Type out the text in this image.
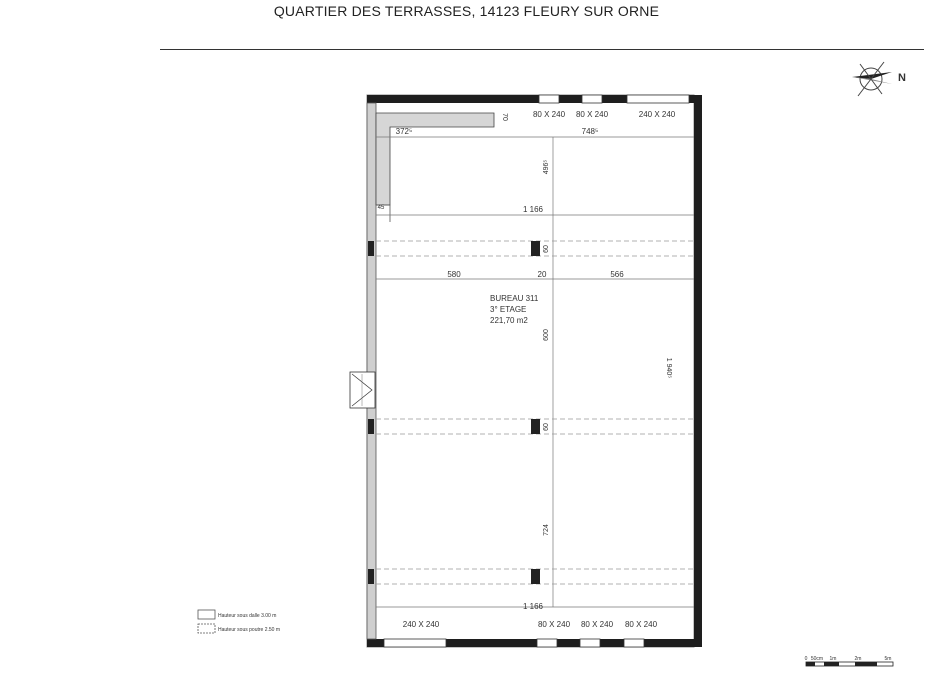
QUARTIER DES TERRASSES, 14123 FLEURY SUR ORNE
N
372⁵	748⁵
70
496⁵
1 166
45
60
580	20	566
600
60
724
1 940⁵
1 166
80 X 240 80 X 240	240 X 240
240 X 240	80 X 240 80 X 240 80 X 240
BUREAU 311
3° ETAGE
221,70 m2
Hauteur sous dalle 3.00 m
Hauteur sous poutre 2.50 m
0 50cm 1m	2m	5m
